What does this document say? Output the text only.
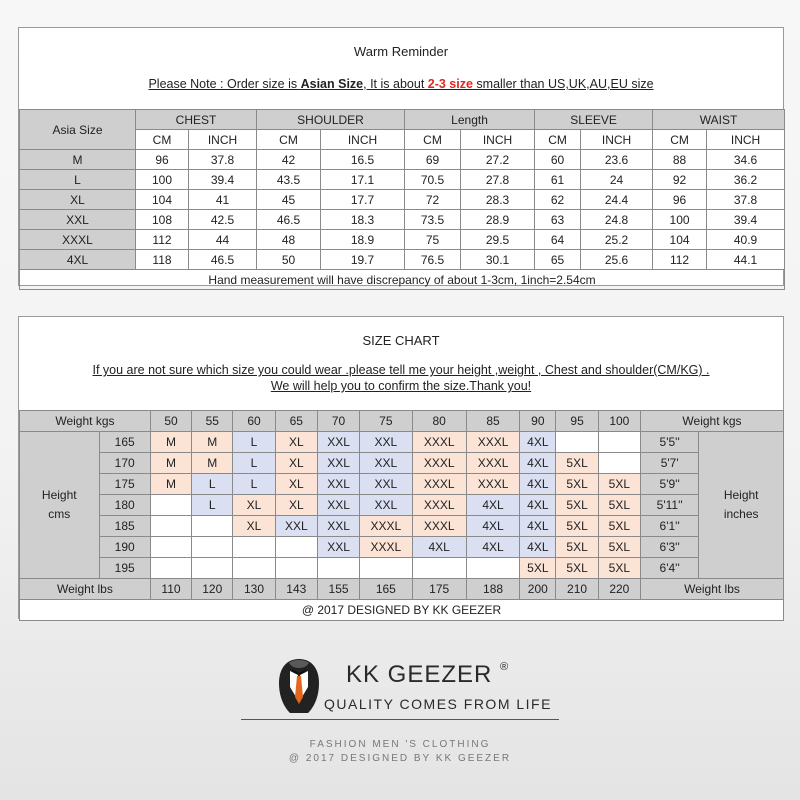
Warm Reminder
Please Note : Order size is Asian Size, It is about 2-3 size smaller than US,UK,AU,EU size
Asia Size	CHEST		SHOULDER		Length		SLEEVE		WAIST	
	CM	INCH	CM	INCH	CM	INCH	CM	INCH	CM	INCH
M	96	37.8	42	16.5	69	27.2	60	23.6	88	34.6
L	100	39.4	43.5	17.1	70.5	27.8	61	24	92	36.2
XL	104	41	45	17.7	72	28.3	62	24.4	96	37.8
XXL	108	42.5	46.5	18.3	73.5	28.9	63	24.8	100	39.4
XXXL	112	44	48	18.9	75	29.5	64	25.2	104	40.9
4XL	118	46.5	50	19.7	76.5	30.1	65	25.6	112	44.1
Hand measurement will have discrepancy of about 1-3cm, 1inch=2.54cm										
SIZE CHART
If you are not sure which size you could wear .please tell me your height ,weight , Chest and shoulder(CM/KG) .
We will help you to confirm the size.Thank you!
Weight kgs		50	55	60	65	70	75	80	85	90	95	100	Weight kgs	
Height cms	165	M	M	L	XL	XXL	XXL	XXXL	XXXL	4XL			5'5''	Height inches
	170	M	M	L	XL	XXL	XXL	XXXL	XXXL	4XL	5XL		5'7'	
	175	M	L	L	XL	XXL	XXL	XXXL	XXXL	4XL	5XL	5XL	5'9''	
	180		L	XL	XL	XXL	XXL	XXXL	4XL	4XL	5XL	5XL	5'11''	
	185			XL	XXL	XXL	XXXL	XXXL	4XL	4XL	5XL	5XL	6'1''	
	190					XXL	XXXL	4XL	4XL	4XL	5XL	5XL	6'3''	
	195									5XL	5XL	5XL	6'4''	
Weight lbs		110	120	130	143	155	165	175	188	200	210	220	Weight lbs	
@ 2017 DESIGNED BY KK GEEZER														
KK GEEZER ®
QUALITY COMES FROM LIFE
FASHION MEN 'S CLOTHING
@ 2017 DESIGNED BY KK GEEZER
